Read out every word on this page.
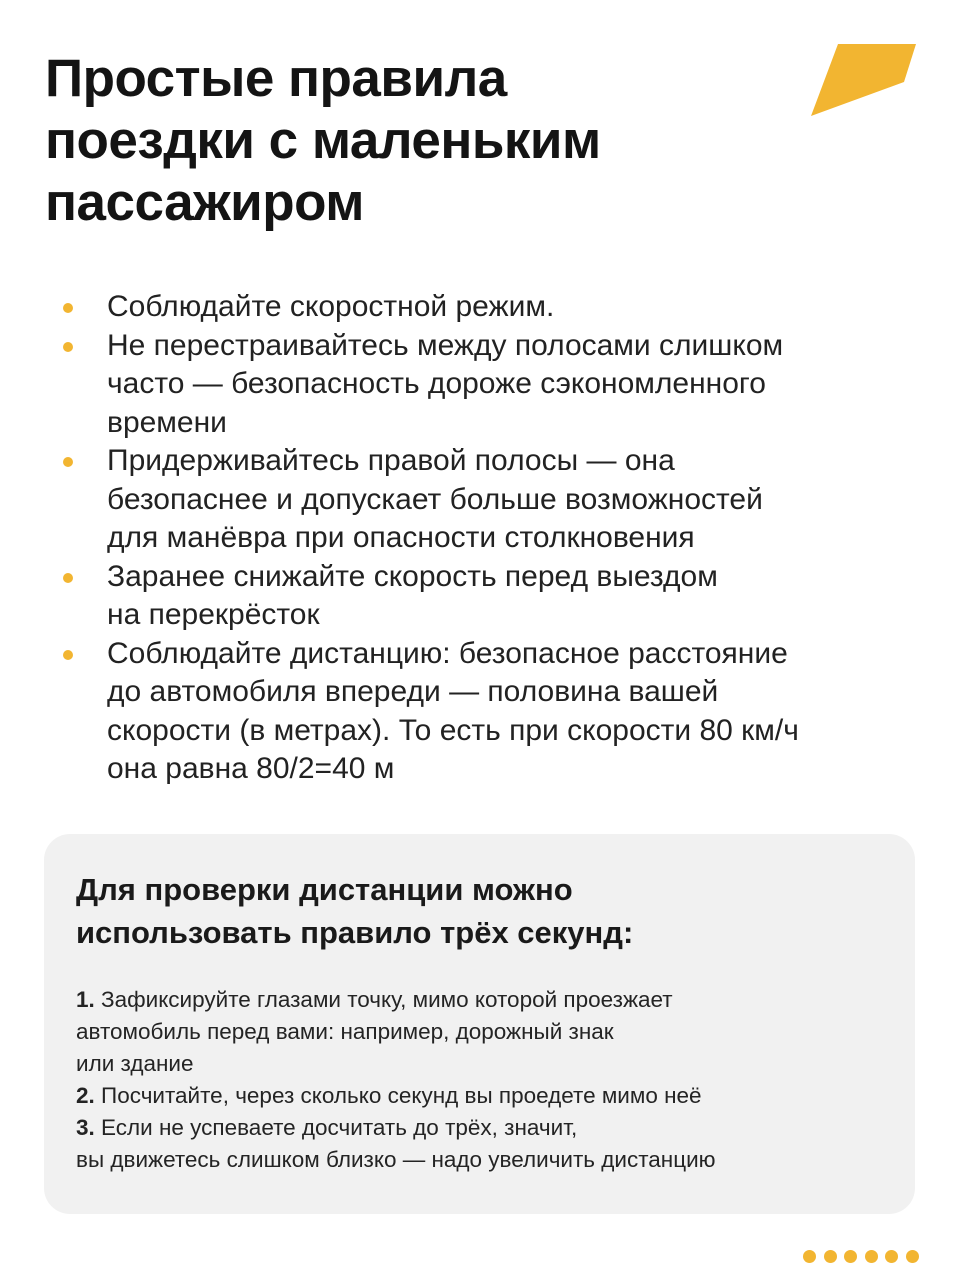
Простые правила
поездки с маленьким
пассажиром
Соблюдайте скоростной режим.
Не перестраивайтесь между полосами слишком
часто — безопасность дороже сэкономленного
времени
Придерживайтесь правой полосы — она
безопаснее и допускает больше возможностей
для манёвра при опасности столкновения
Заранее снижайте скорость перед выездом
на перекрёсток
Соблюдайте дистанцию: безопасное расстояние
до автомобиля впереди — половина вашей
скорости (в метрах). То есть при скорости 80 км/ч
она равна 80/2=40 м
Для проверки дистанции можно
использовать правило трёх секунд:
1. Зафиксируйте глазами точку, мимо которой проезжает
автомобиль перед вами: например, дорожный знак
или здание
2. Посчитайте, через сколько секунд вы проедете мимо неё
3. Если не успеваете досчитать до трёх, значит,
вы движетесь слишком близко — надо увеличить дистанцию
